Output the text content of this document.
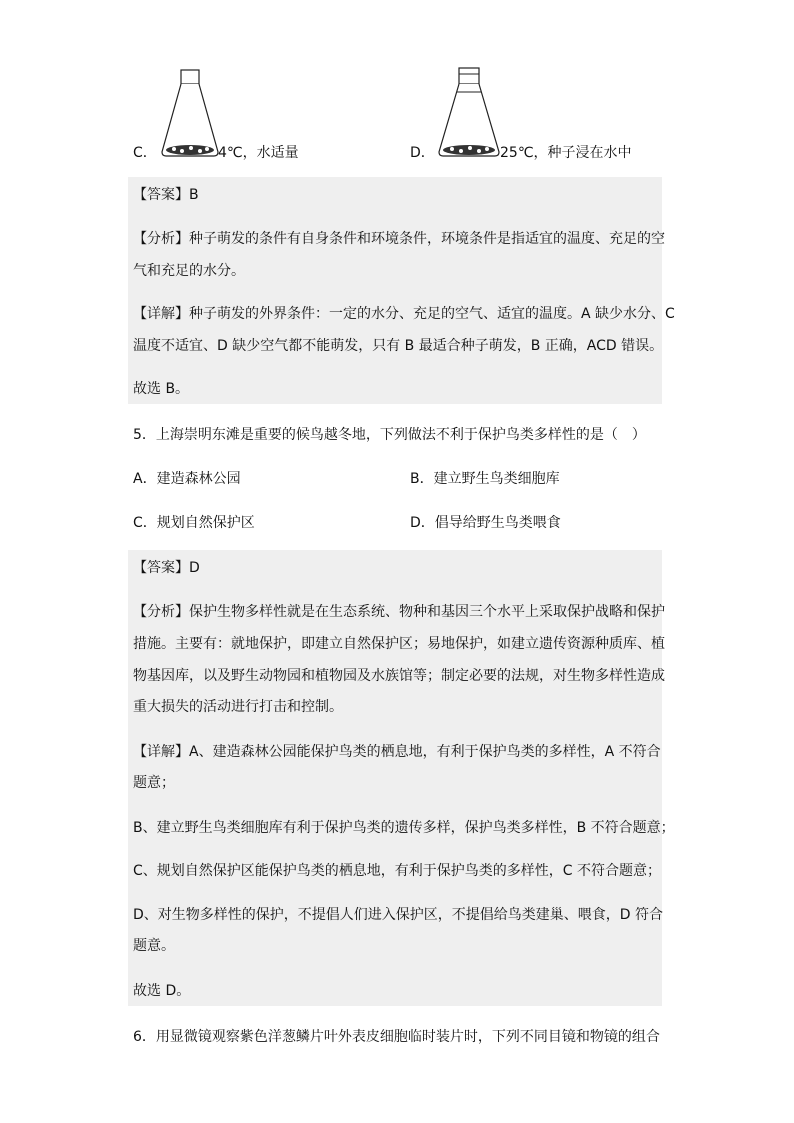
C．	4℃，水适量	D．	25℃，种子浸在水中
【答案】B
【分析】种子萌发的条件有自身条件和环境条件，环境条件是指适宜的温度、充足的空
气和充足的水分。
【详解】种子萌发的外界条件：一定的水分、充足的空气、适宜的温度。A 缺少水分、C
温度不适宜、D 缺少空气都不能萌发，只有 B 最适合种子萌发，B 正确，ACD 错误。
故选 B。
5．上海崇明东滩是重要的候鸟越冬地，下列做法不利于保护鸟类多样性的是（　）
A．建造森林公园	B．建立野生鸟类细胞库
C．规划自然保护区	D．倡导给野生鸟类喂食
【答案】D
【分析】保护生物多样性就是在生态系统、物种和基因三个水平上采取保护战略和保护
措施。主要有：就地保护，即建立自然保护区；易地保护，如建立遗传资源种质库、植
物基因库，以及野生动物园和植物园及水族馆等；制定必要的法规，对生物多样性造成
重大损失的活动进行打击和控制。
【详解】A、建造森林公园能保护鸟类的栖息地，有利于保护鸟类的多样性，A 不符合
题意；
B、建立野生鸟类细胞库有利于保护鸟类的遗传多样，保护鸟类多样性，B 不符合题意；
C、规划自然保护区能保护鸟类的栖息地，有利于保护鸟类的多样性，C 不符合题意；
D、对生物多样性的保护，不提倡人们进入保护区，不提倡给鸟类建巢、喂食，D 符合
题意。
故选 D。
6．用显微镜观察紫色洋葱鳞片叶外表皮细胞临时装片时，下列不同目镜和物镜的组合
